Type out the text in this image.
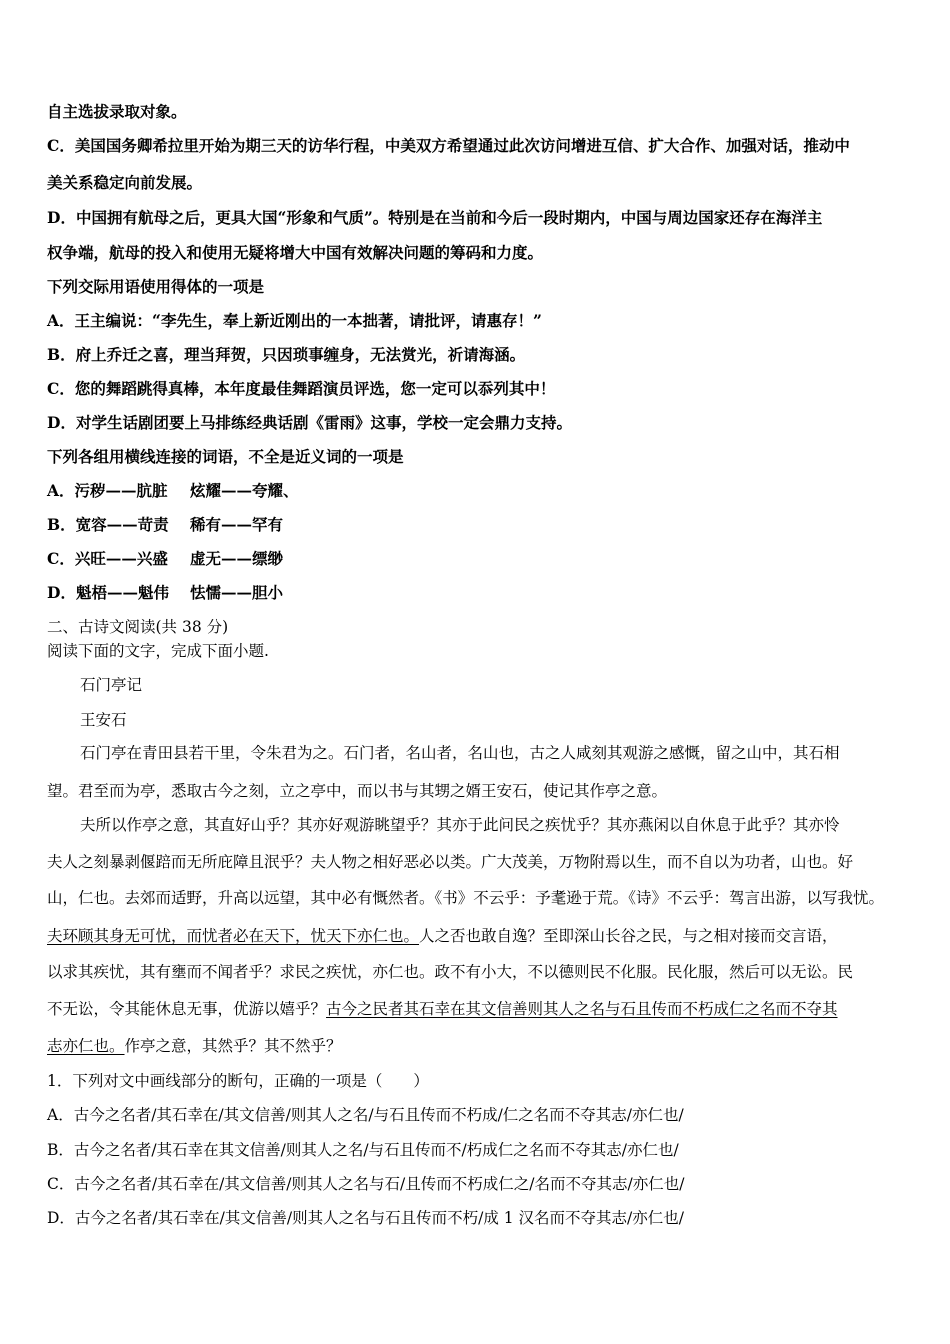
自主选拔录取对象。
C．美国国务卿希拉里开始为期三天的访华行程，中美双方希望通过此次访问增进互信、扩大合作、加强对话，推动中
美关系稳定向前发展。
D．中国拥有航母之后，更具大国“形象和气质”。特别是在当前和今后一段时期内，中国与周边国家还存在海洋主
权争端，航母的投入和使用无疑将增大中国有效解决问题的筹码和力度。
下列交际用语使用得体的一项是
A．王主编说：“李先生，奉上新近刚出的一本拙著，请批评，请惠存！”
B．府上乔迁之喜，理当拜贺，只因琐事缠身，无法赏光，祈请海涵。
C．您的舞蹈跳得真棒，本年度最佳舞蹈演员评选，您一定可以忝列其中！
D．对学生话剧团要上马排练经典话剧《雷雨》这事，学校一定会鼎力支持。
下列各组用横线连接的词语，不全是近义词的一项是
A．污秽——肮脏 炫耀——夸耀、
B．宽容——苛责 稀有——罕有
C．兴旺——兴盛 虚无——缥缈
D．魁梧——魁伟 怯懦——胆小
二、古诗文阅读(共 38 分)
阅读下面的文字，完成下面小题.
石门亭记
王安石
石门亭在青田县若干里，令朱君为之。石门者，名山者，名山也，古之人咸刻其观游之感慨，留之山中，其石相
望。君至而为亭，悉取古今之刻，立之亭中，而以书与其甥之婿王安石，使记其作亭之意。
夫所以作亭之意，其直好山乎？其亦好观游眺望乎？其亦于此问民之疾忧乎？其亦燕闲以自休息于此乎？其亦怜
夫人之刻暴剥偃踣而无所庇障且泯乎？夫人物之相好恶必以类。广大茂美，万物附焉以生，而不自以为功者，山也。好
山，仁也。去郊而适野，升高以远望，其中必有慨然者。《书》不云乎：予耄逊于荒。《诗》不云乎：驾言出游，以写我忧。
夫环顾其身无可忧，而忧者必在天下，忧天下亦仁也。人之否也敢自逸？至即深山长谷之民，与之相对接而交言语，
以求其疾忧，其有壅而不闻者乎？求民之疾忧，亦仁也。政不有小大，不以德则民不化服。民化服，然后可以无讼。民
不无讼，令其能休息无事，优游以嬉乎？古今之民者其石幸在其文信善则其人之名与石且传而不朽成仁之名而不夺其
志亦仁也。作亭之意，其然乎？其不然乎？
1．下列对文中画线部分的断句，正确的一项是（　　）
A．古今之名者/其石幸在/其文信善/则其人之名/与石且传而不朽成/仁之名而不夺其志/亦仁也/
B．古今之名者/其石幸在其文信善/则其人之名/与石且传而不/朽成仁之名而不夺其志/亦仁也/
C．古今之名者/其石幸在/其文信善/则其人之名与石/且传而不朽成仁之/名而不夺其志/亦仁也/
D．古今之名者/其石幸在/其文信善/则其人之名与石且传而不朽/成 1 汉名而不夺其志/亦仁也/
